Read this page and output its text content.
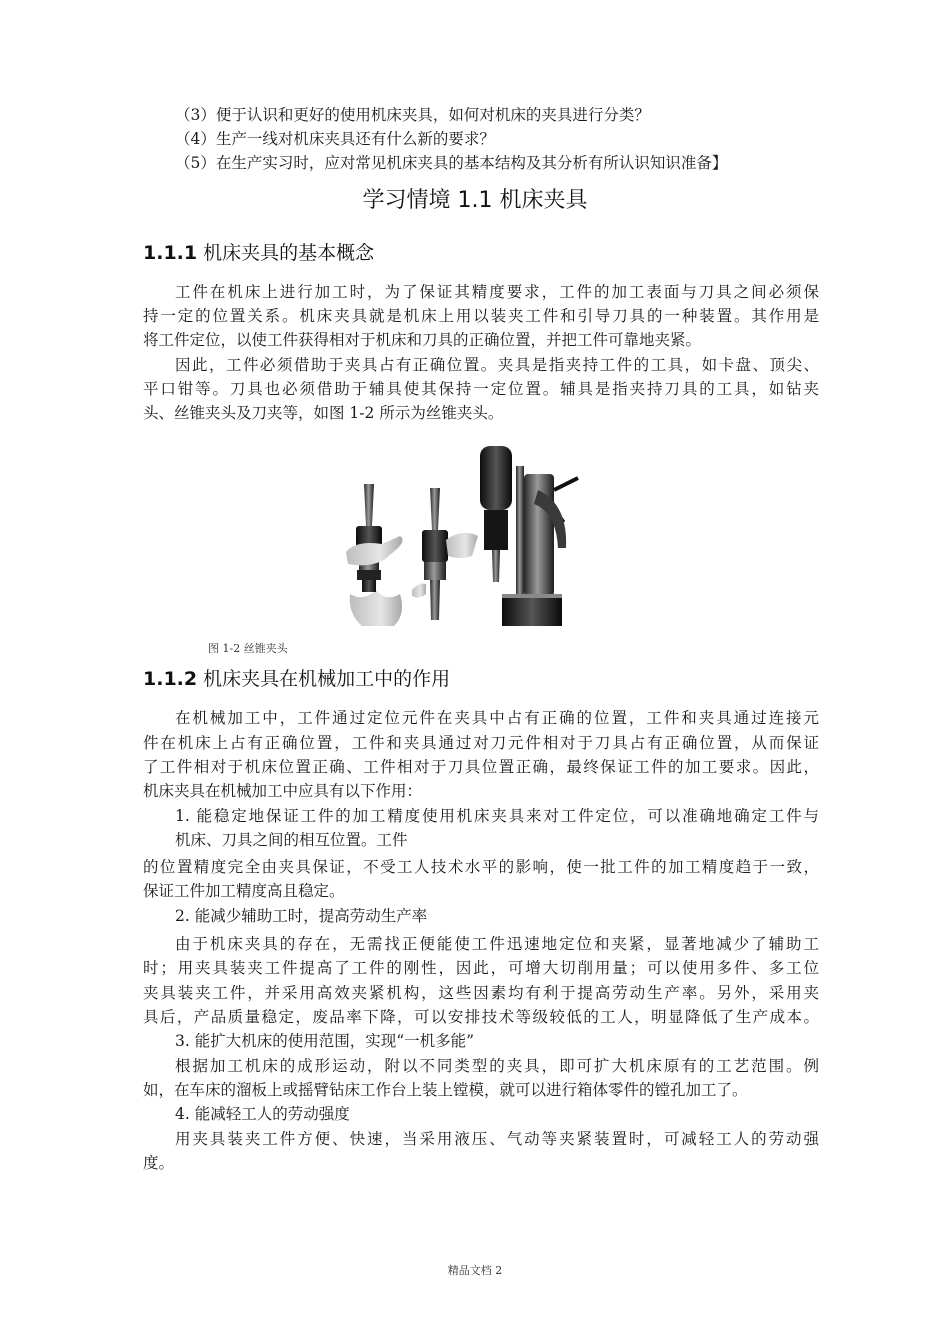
（3）便于认识和更好的使用机床夹具，如何对机床的夹具进行分类？
（4）生产一线对机床夹具还有什么新的要求？
（5）在生产实习时，应对常见机床夹具的基本结构及其分析有所认识知识准备】
学习情境 1.1 机床夹具
1.1.1 机床夹具的基本概念
工件在机床上进行加工时，为了保证其精度要求，工件的加工表面与刀具之间必须保
持一定的位置关系。机床夹具就是机床上用以装夹工件和引导刀具的一种装置。其作用是
将工件定位，以使工件获得相对于机床和刀具的正确位置，并把工件可靠地夹紧。
因此，工件必须借助于夹具占有正确位置。夹具是指夹持工件的工具，如卡盘、顶尖、
平口钳等。刀具也必须借助于辅具使其保持一定位置。辅具是指夹持刀具的工具，如钻夹
头、丝锥夹头及刀夹等，如图 1-2 所示为丝锥夹头。
图 1-2 丝锥夹头
1.1.2 机床夹具在机械加工中的作用
在机械加工中，工件通过定位元件在夹具中占有正确的位置，工件和夹具通过连接元
件在机床上占有正确位置，工件和夹具通过对刀元件相对于刀具占有正确位置，从而保证
了工件相对于机床位置正确、工件相对于刀具位置正确，最终保证工件的加工要求。因此，
机床夹具在机械加工中应具有以下作用：
1. 能稳定地保证工件的加工精度使用机床夹具来对工件定位，可以准确地确定工件与
机床、刀具之间的相互位置。工件
的位置精度完全由夹具保证，不受工人技术水平的影响，使一批工件的加工精度趋于一致，
保证工件加工精度高且稳定。
2. 能减少辅助工时，提高劳动生产率
由于机床夹具的存在，无需找正便能使工件迅速地定位和夹紧，显著地减少了辅助工
时；用夹具装夹工件提高了工件的刚性，因此，可增大切削用量；可以使用多件、多工位
夹具装夹工件，并采用高效夹紧机构，这些因素均有利于提高劳动生产率。另外，采用夹
具后，产品质量稳定，废品率下降，可以安排技术等级较低的工人，明显降低了生产成本。
3. 能扩大机床的使用范围，实现“一机多能”
根据加工机床的成形运动，附以不同类型的夹具，即可扩大机床原有的工艺范围。例
如，在车床的溜板上或摇臂钻床工作台上装上镗模，就可以进行箱体零件的镗孔加工了。
4. 能减轻工人的劳动强度
用夹具装夹工件方便、快速，当采用液压、气动等夹紧装置时，可减轻工人的劳动强
度。
精品文档 2
